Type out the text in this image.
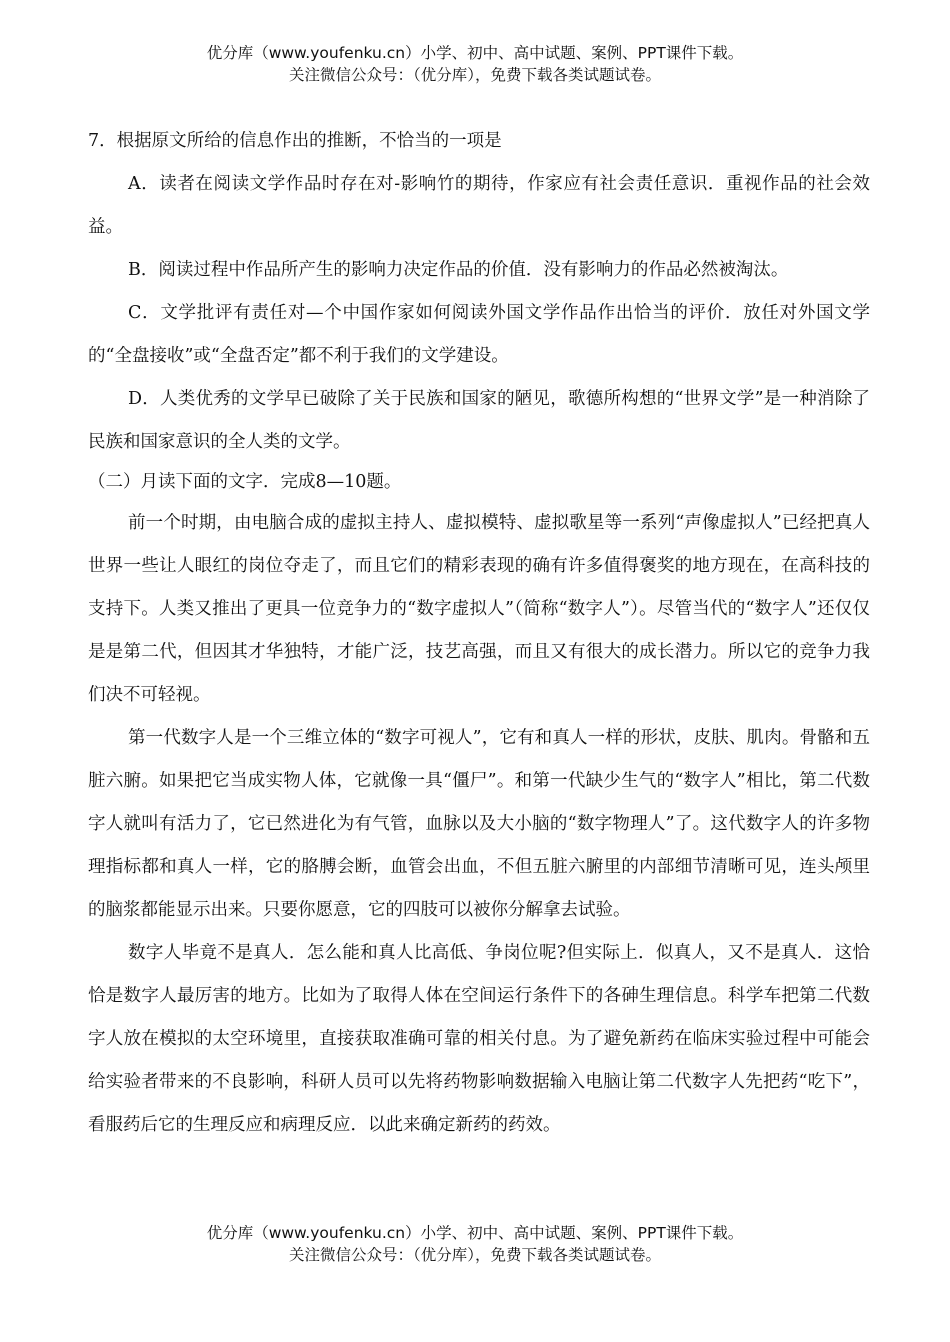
优分库（www.youfenku.cn）小学、初中、高中试题、案例、PPT课件下载。
关注微信公众号：（优分库），免费下载各类试题试卷。

7．根据原文所给的信息作出的推断，不恰当的一项是

A．读者在阅读文学作品时存在对-影响竹的期待，作家应有社会责任意识．重视作品的社会效益。

B．阅读过程中作品所产生的影响力决定作品的价值．没有影响力的作品必然被淘汰。

C．文学批评有责任对—个中国作家如何阅读外国文学作品作出恰当的评价．放任对外国文学的“全盘接收”或“全盘否定”都不利于我们的文学建设。

D．人类优秀的文学早已破除了关于民族和国家的陋见，歌德所构想的“世界文学”是一种消除了民族和国家意识的全人类的文学。

（二）月读下面的文字．完成8—10题。

前一个时期，由电脑合成的虚拟主持人、虚拟模特、虚拟歌星等一系列“声像虚拟人”已经把真人世界一些让人眼红的岗位夺走了，而且它们的精彩表现的确有许多值得褒奖的地方现在，在高科技的支持下。人类又推出了更具一位竞争力的“数字虚拟人”（简称“数字人”）。尽管当代的“数字人”还仅仅是是第二代，但因其才华独特，才能广泛，技艺高强，而且又有很大的成长潜力。所以它的竞争力我们决不可轻视。

第一代数字人是一个三维立体的“数字可视人”，它有和真人一样的形状，皮肤、肌肉。骨骼和五脏六腑。如果把它当成实物人体，它就像一具“僵尸”。和第一代缺少生气的“数字人”相比，第二代数字人就叫有活力了，它已然进化为有气管，血脉以及大小脑的“数字物理人”了。这代数字人的许多物理指标都和真人一样，它的胳膊会断，血管会出血，不但五脏六腑里的内部细节清晰可见，连头颅里的脑浆都能显示出来。只要你愿意，它的四肢可以被你分解拿去试验。

数字人毕竟不是真人．怎么能和真人比高低、争岗位呢?但实际上．似真人，又不是真人．这恰恰是数字人最厉害的地方。比如为了取得人体在空间运行条件下的各砷生理信息。科学车把第二代数字人放在模拟的太空环境里，直接获取准确可靠的相关付息。为了避免新药在临床实验过程中可能会给实验者带来的不良影响，科研人员可以先将药物影响数据输入电脑让第二代数字人先把药“吃下”，看服药后它的生理反应和病理反应．以此来确定新药的药效。

优分库（www.youfenku.cn）小学、初中、高中试题、案例、PPT课件下载。
关注微信公众号：（优分库），免费下载各类试题试卷。
